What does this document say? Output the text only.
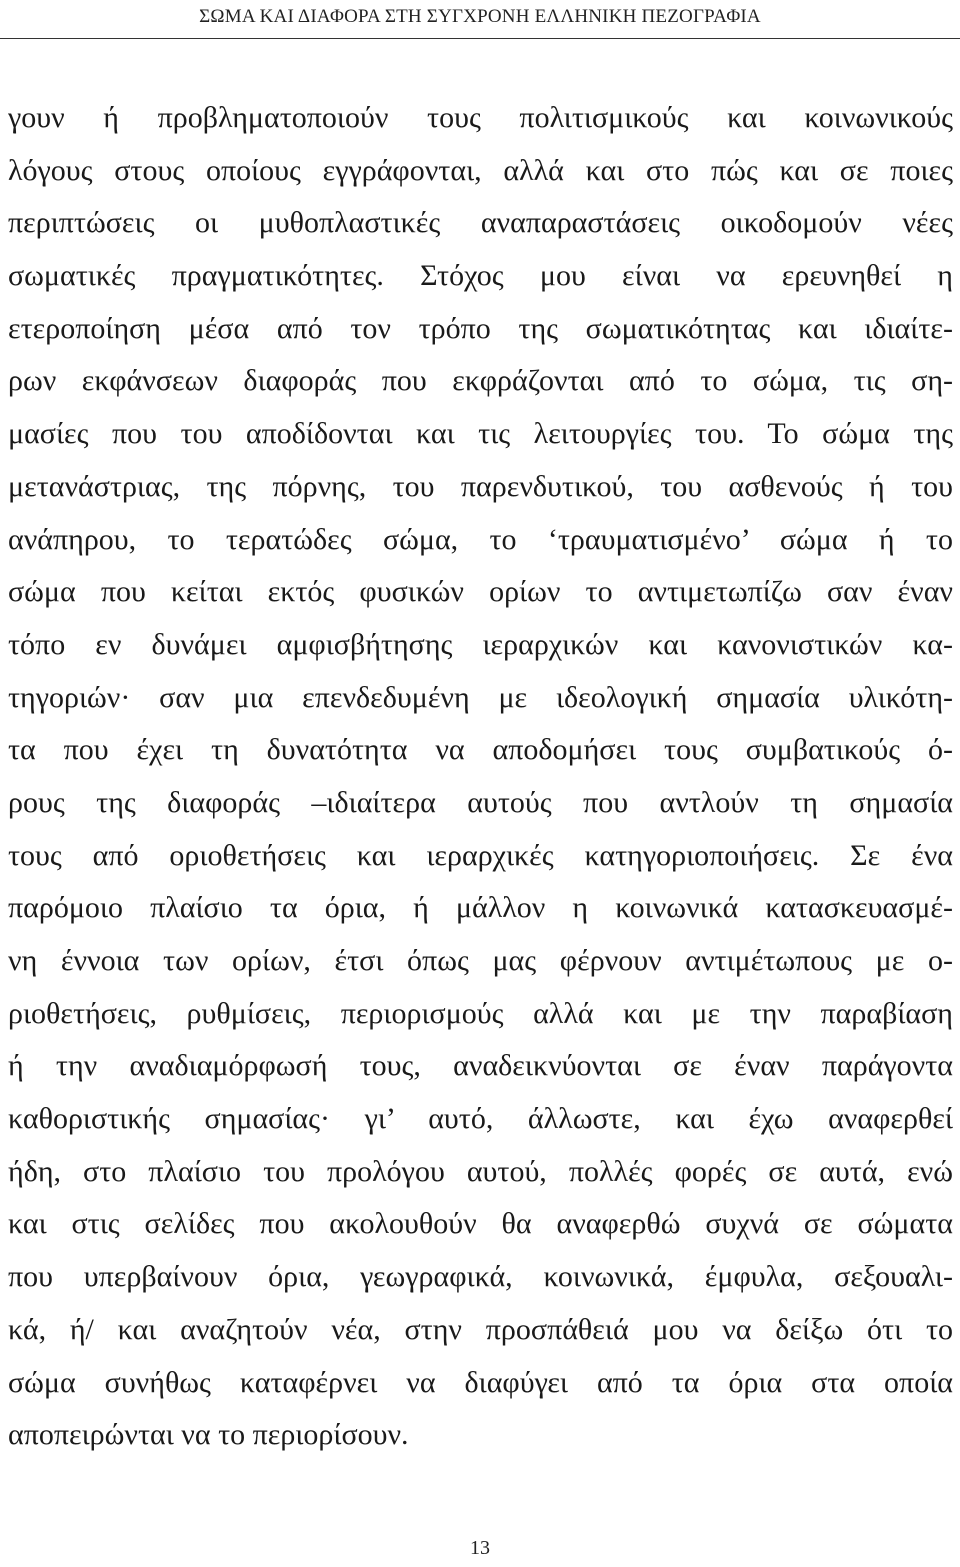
ΣΩΜΑ ΚΑΙ ΔΙΑΦΟΡΑ ΣΤΗ ΣΥΓΧΡΟΝΗ ΕΛΛΗΝΙΚΗ ΠΕΖΟΓΡΑΦΙΑ
γουν ή προβληματοποιούν τους πολιτισμικούς και κοινωνικούς
λόγους στους οποίους εγγράφονται, αλλά και στο πώς και σε ποιες
περιπτώσεις οι μυθοπλαστικές αναπαραστάσεις οικοδομούν νέες
σωματικές πραγματικότητες. Στόχος μου είναι να ερευνηθεί η
ετεροποίηση μέσα από τον τρόπο της σωματικότητας και ιδιαίτε-
ρων εκφάνσεων διαφοράς που εκφράζονται από το σώμα, τις ση-
μασίες που του αποδίδονται και τις λειτουργίες του. Το σώμα της
μετανάστριας, της πόρνης, του παρενδυτικού, του ασθενούς ή του
ανάπηρου, το τερατώδες σώμα, το ‘τραυματισμένο’ σώμα ή το
σώμα που κείται εκτός φυσικών ορίων το αντιμετωπίζω σαν έναν
τόπο εν δυνάμει αμφισβήτησης ιεραρχικών και κανονιστικών κα-
τηγοριών· σαν μια επενδεδυμένη με ιδεολογική σημασία υλικότη-
τα που έχει τη δυνατότητα να αποδομήσει τους συμβατικούς ό-
ρους της διαφοράς –ιδιαίτερα αυτούς που αντλούν τη σημασία
τους από οριοθετήσεις και ιεραρχικές κατηγοριοποιήσεις. Σε ένα
παρόμοιο πλαίσιο τα όρια, ή μάλλον η κοινωνικά κατασκευασμέ-
νη έννοια των ορίων, έτσι όπως μας φέρνουν αντιμέτωπους με ο-
ριοθετήσεις, ρυθμίσεις, περιορισμούς αλλά και με την παραβίαση
ή την αναδιαμόρφωσή τους, αναδεικνύονται σε έναν παράγοντα
καθοριστικής σημασίας· γι’ αυτό, άλλωστε, και έχω αναφερθεί
ήδη, στο πλαίσιο του προλόγου αυτού, πολλές φορές σε αυτά, ενώ
και στις σελίδες που ακολουθούν θα αναφερθώ συχνά σε σώματα
που υπερβαίνουν όρια, γεωγραφικά, κοινωνικά, έμφυλα, σεξουαλι-
κά, ή/ και αναζητούν νέα, στην προσπάθειά μου να δείξω ότι το
σώμα συνήθως καταφέρνει να διαφύγει από τα όρια στα οποία
αποπειρώνται να το περιορίσουν.
13
